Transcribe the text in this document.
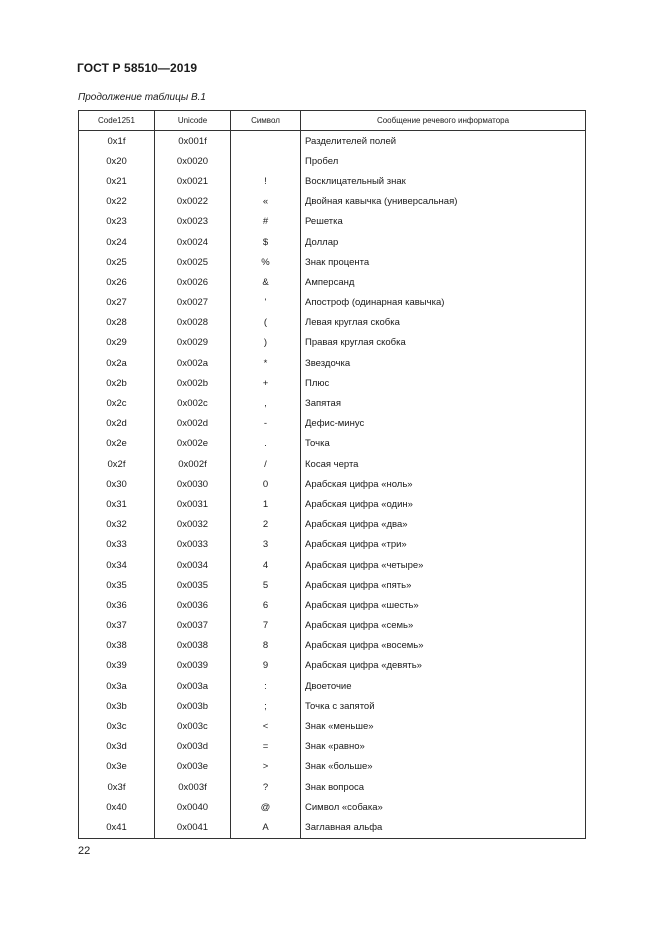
ГОСТ Р 58510—2019
Продолжение таблицы В.1
Code1251	Unicode	Символ	Сообщение речевого информатора
0x1f	0x001f		Разделителей полей
0x20	0x0020		Пробел
0x21	0x0021	!	Восклицательный знак
0x22	0x0022	«	Двойная кавычка (универсальная)
0x23	0x0023	#	Решетка
0x24	0x0024	$	Доллар
0x25	0x0025	%	Знак процента
0x26	0x0026	&	Амперсанд
0x27	0x0027	'	Апостроф (одинарная кавычка)
0x28	0x0028	(	Левая круглая скобка
0x29	0x0029	)	Правая круглая скобка
0x2a	0x002a	*	Звездочка
0x2b	0x002b	+	Плюс
0x2c	0x002c	,	Запятая
0x2d	0x002d	-	Дефис-минус
0x2e	0x002e	.	Точка
0x2f	0x002f	/	Косая черта
0x30	0x0030	0	Арабская цифра «ноль»
0x31	0x0031	1	Арабская цифра «один»
0x32	0x0032	2	Арабская цифра «два»
0x33	0x0033	3	Арабская цифра «три»
0x34	0x0034	4	Арабская цифра «четыре»
0x35	0x0035	5	Арабская цифра «пять»
0x36	0x0036	6	Арабская цифра «шесть»
0x37	0x0037	7	Арабская цифра «семь»
0x38	0x0038	8	Арабская цифра «восемь»
0x39	0x0039	9	Арабская цифра «девять»
0x3a	0x003a	:	Двоеточие
0x3b	0x003b	;	Точка с запятой
0x3c	0x003c	<	Знак «меньше»
0x3d	0x003d	=	Знак «равно»
0x3e	0x003e	>	Знак «больше»
0x3f	0x003f	?	Знак вопроса
0x40	0x0040	@	Символ «собака»
0x41	0x0041	A	Заглавная альфа
22
